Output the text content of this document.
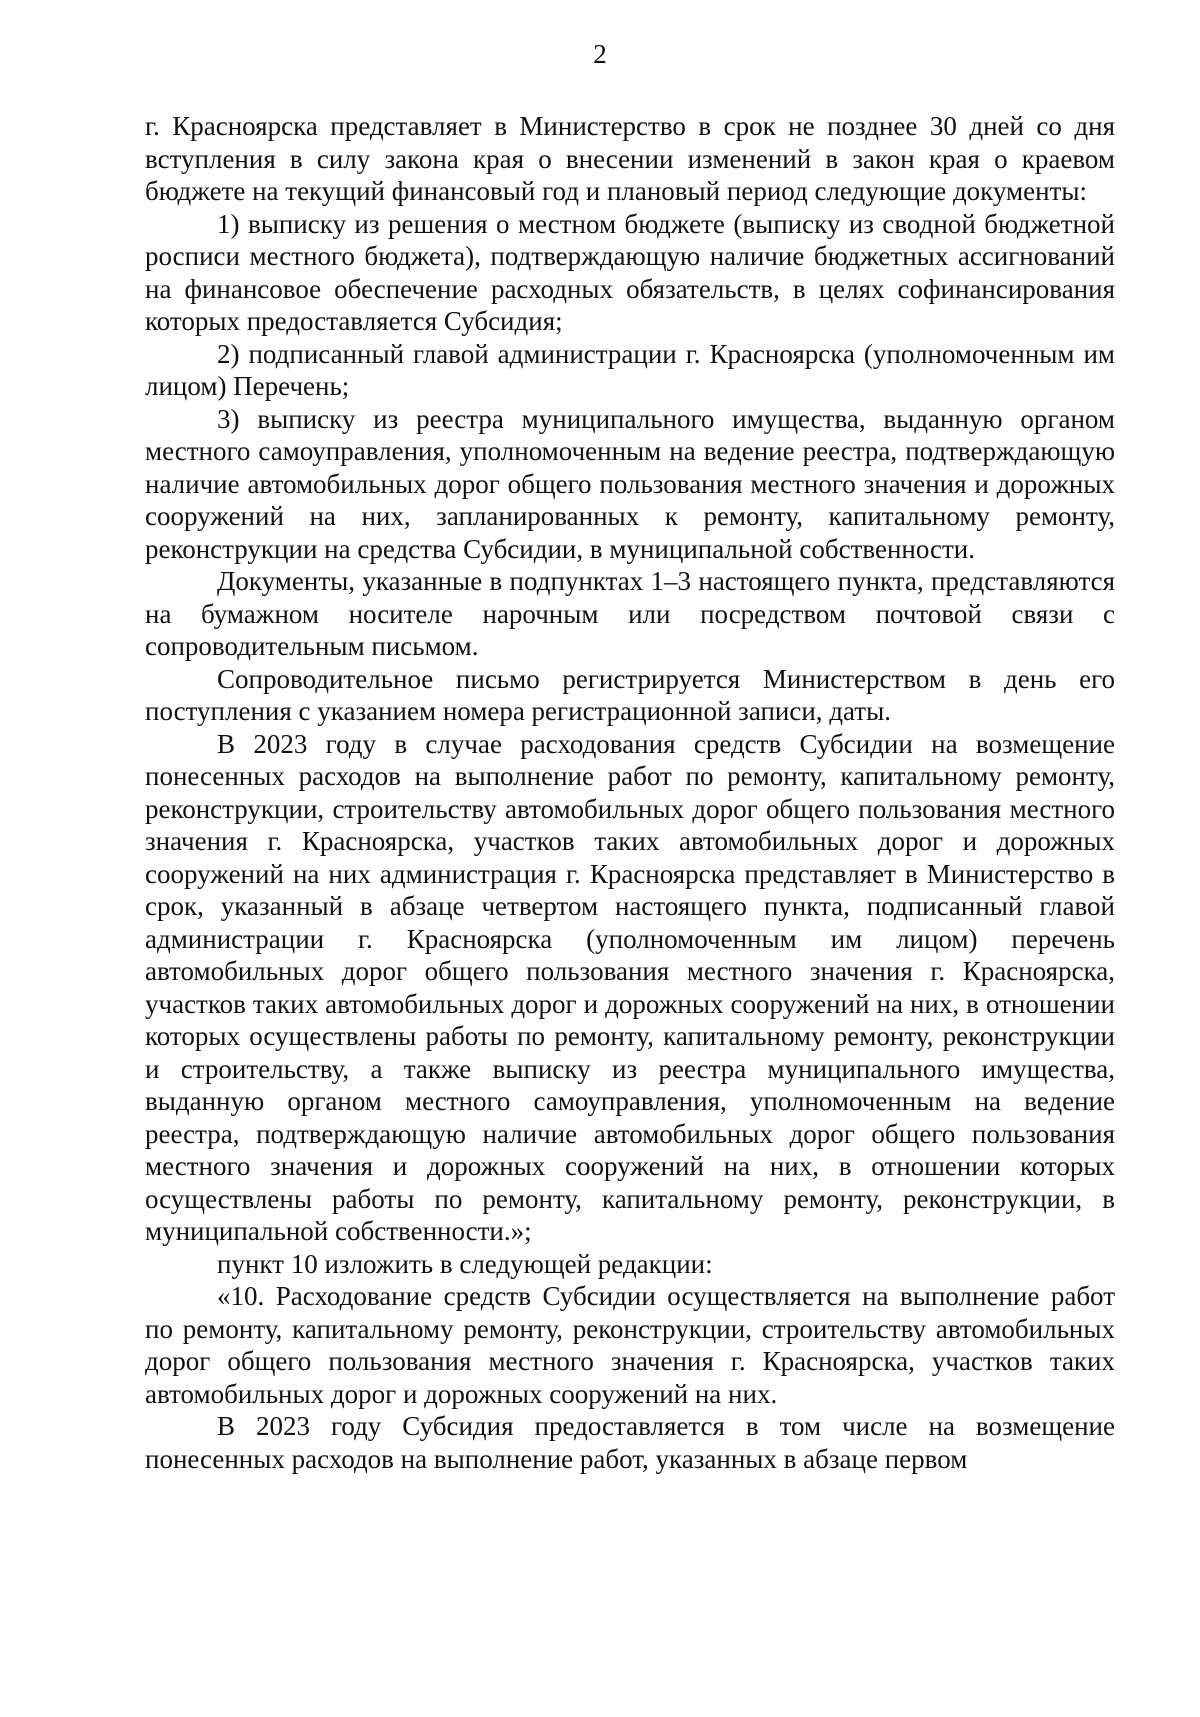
2

г. Красноярска представляет в Министерство в срок не позднее 30 дней со дня вступления в силу закона края о внесении изменений в закон края о краевом бюджете на текущий финансовый год и плановый период следующие документы:

1) выписку из решения о местном бюджете (выписку из сводной бюджетной росписи местного бюджета), подтверждающую наличие бюджетных ассигнований на финансовое обеспечение расходных обязательств, в целях софинансирования которых предоставляется Субсидия;

2) подписанный главой администрации г. Красноярска (уполномоченным им лицом) Перечень;

3) выписку из реестра муниципального имущества, выданную органом местного самоуправления, уполномоченным на ведение реестра, подтверждающую наличие автомобильных дорог общего пользования местного значения и дорожных сооружений на них, запланированных к ремонту, капитальному ремонту, реконструкции на средства Субсидии, в муниципальной собственности.

Документы, указанные в подпунктах 1–3 настоящего пункта, представляются на бумажном носителе нарочным или посредством почтовой связи с сопроводительным письмом.

Сопроводительное письмо регистрируется Министерством в день его поступления с указанием номера регистрационной записи, даты.

В 2023 году в случае расходования средств Субсидии на возмещение понесенных расходов на выполнение работ по ремонту, капитальному ремонту, реконструкции, строительству автомобильных дорог общего пользования местного значения г. Красноярска, участков таких автомобильных дорог и дорожных сооружений на них администрация г. Красноярска представляет в Министерство в срок, указанный в абзаце четвертом настоящего пункта, подписанный главой администрации г. Красноярска (уполномоченным им лицом) перечень автомобильных дорог общего пользования местного значения г. Красноярска, участков таких автомобильных дорог и дорожных сооружений на них, в отношении которых осуществлены работы по ремонту, капитальному ремонту, реконструкции и строительству, а также выписку из реестра муниципального имущества, выданную органом местного самоуправления, уполномоченным на ведение реестра, подтверждающую наличие автомобильных дорог общего пользования местного значения и дорожных сооружений на них, в отношении которых осуществлены работы по ремонту, капитальному ремонту, реконструкции, в муниципальной собственности.»;

пункт 10 изложить в следующей редакции:

«10. Расходование средств Субсидии осуществляется на выполнение работ по ремонту, капитальному ремонту, реконструкции, строительству автомобильных дорог общего пользования местного значения г. Красноярска, участков таких автомобильных дорог и дорожных сооружений на них.

В 2023 году Субсидия предоставляется в том числе на возмещение понесенных расходов на выполнение работ, указанных в абзаце первом
